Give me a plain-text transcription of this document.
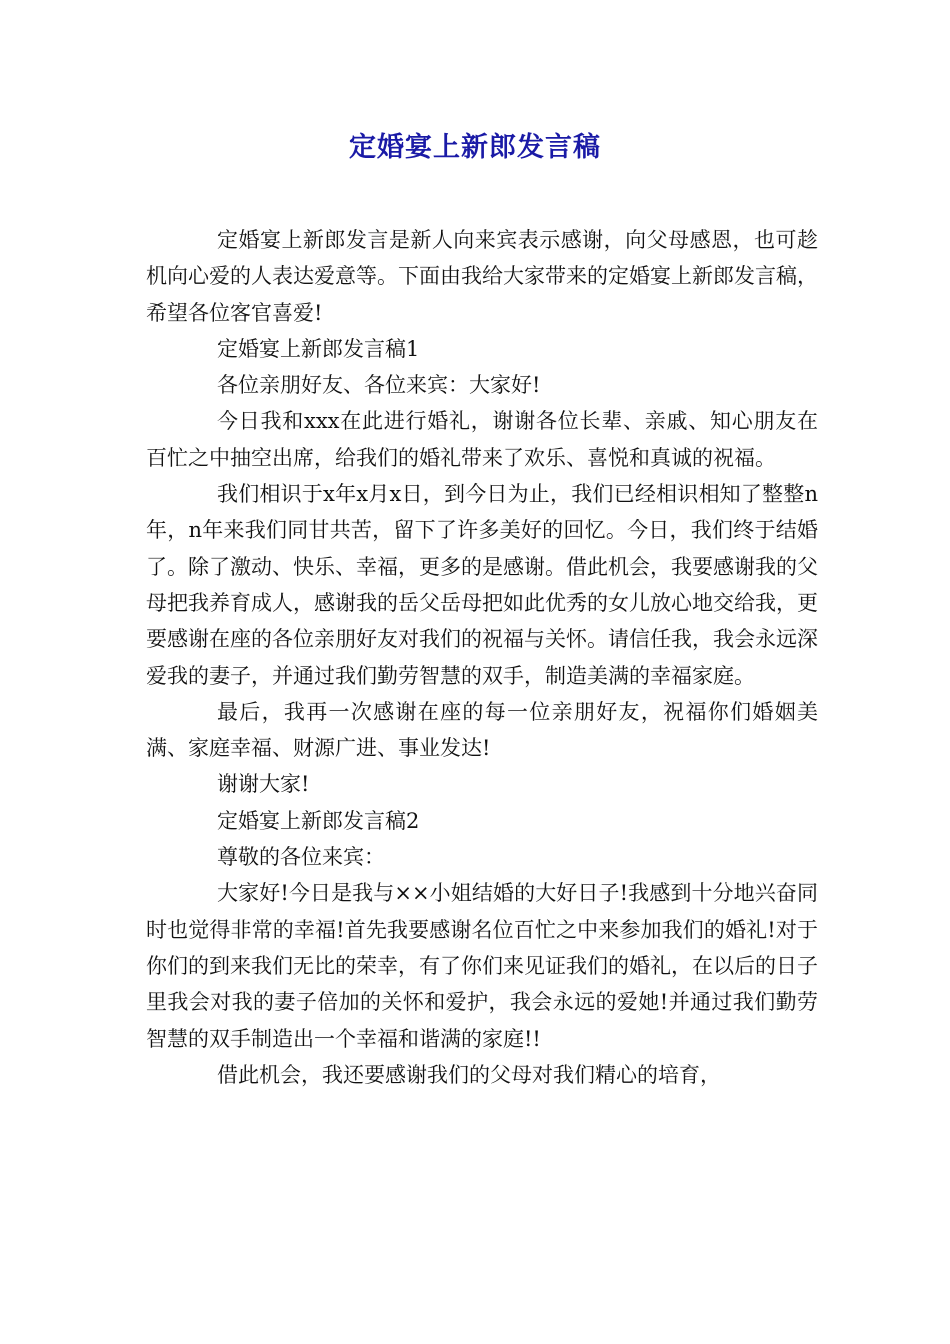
定婚宴上新郎发言稿

定婚宴上新郎发言是新人向来宾表示感谢，向父母感恩，也可趁机向心爱的人表达爱意等。下面由我给大家带来的定婚宴上新郎发言稿，希望各位客官喜爱!

定婚宴上新郎发言稿1

各位亲朋好友、各位来宾：大家好!

今日我和xxx在此进行婚礼，谢谢各位长辈、亲戚、知心朋友在百忙之中抽空出席，给我们的婚礼带来了欢乐、喜悦和真诚的祝福。

我们相识于x年x月x日，到今日为止，我们已经相识相知了整整n年，n年来我们同甘共苦，留下了许多美好的回忆。今日，我们终于结婚了。除了激动、快乐、幸福，更多的是感谢。借此机会，我要感谢我的父母把我养育成人，感谢我的岳父岳母把如此优秀的女儿放心地交给我，更要感谢在座的各位亲朋好友对我们的祝福与关怀。请信任我，我会永远深爱我的妻子，并通过我们勤劳智慧的双手，制造美满的幸福家庭。

最后，我再一次感谢在座的每一位亲朋好友，祝福你们婚姻美满、家庭幸福、财源广进、事业发达!

谢谢大家!

定婚宴上新郎发言稿2

尊敬的各位来宾：

大家好!今日是我与××小姐结婚的大好日子!我感到十分地兴奋同时也觉得非常的幸福!首先我要感谢名位百忙之中来参加我们的婚礼!对于你们的到来我们无比的荣幸，有了你们来见证我们的婚礼，在以后的日子里我会对我的妻子倍加的关怀和爱护，我会永远的爱她!并通过我们勤劳智慧的双手制造出一个幸福和谐满的家庭!!

借此机会，我还要感谢我们的父母对我们精心的培育，
